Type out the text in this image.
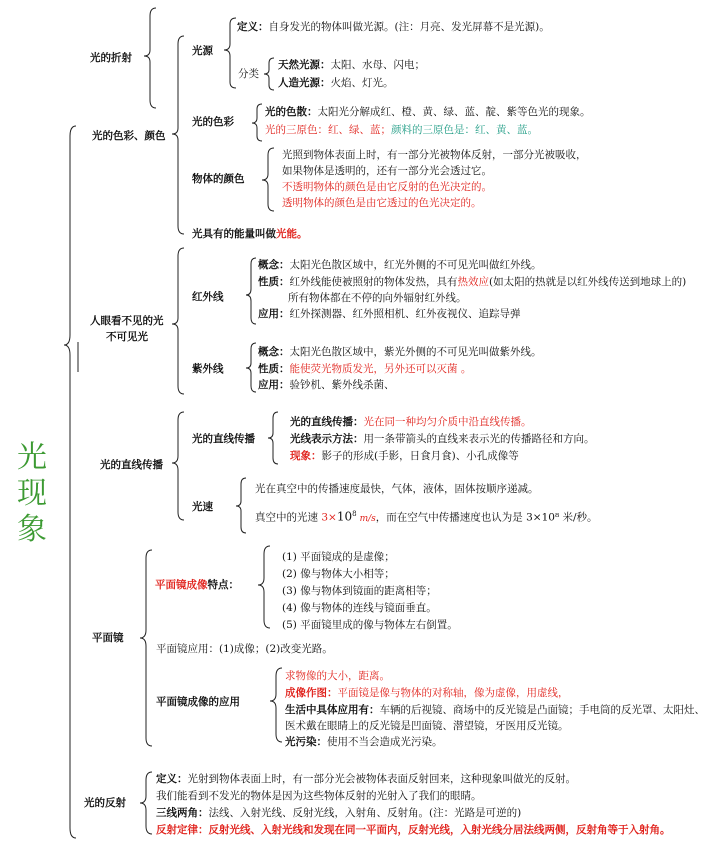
光
现
象
光的折射
光的色彩、颜色
光源
定义：自身发光的物体叫做光源。(注：月亮、发光屏幕不是光源)。
分类
天然光源：太阳、水母、闪电；
人造光源：火焰、灯光。
光的色彩
光的色散：太阳光分解成红、橙、黄、绿、蓝、靛、紫等色光的现象。
光的三原色：红、绿、蓝；颜料的三原色是：红、黄、蓝。
物体的颜色
光照到物体表面上时，有一部分光被物体反射，一部分光被吸收，
如果物体是透明的，还有一部分光会透过它。
不透明物体的颜色是由它反射的色光决定的。
透明物体的颜色是由它透过的色光决定的。
光具有的能量叫做光能。
人眼看不见的光
不可见光
红外线
概念：太阳光色散区域中，红光外侧的不可见光叫做红外线。
性质：红外线能使被照射的物体发热，具有热效应(如太阳的热就是以红外线传送到地球上的)
所有物体都在不停的向外辐射红外线。
应用：红外探测器、红外照相机、红外夜视仪、追踪导弹
紫外线
概念：太阳光色散区域中，紫光外侧的不可见光叫做紫外线。
性质：能使荧光物质发光，另外还可以灭菌 。
应用：验钞机、紫外线杀菌、
光的直线传播
光的直线传播
光的直线传播：光在同一种均匀介质中沿直线传播。
光线表示方法：用一条带箭头的直线来表示光的传播路径和方向。
现象：影子的形成(手影，日食月食)、小孔成像等
光速
光在真空中的传播速度最快，气体，液体，固体按顺序递减。
真空中的光速 $3\times 10^8$ m/s，而在空气中传播速度也认为是 3×10⁸ 米/秒。
平面镜
平面镜成像特点：
(1) 平面镜成的是虚像；
(2) 像与物体大小相等；
(3) 像与物体到镜面的距离相等；
(4) 像与物体的连线与镜面垂直。
(5) 平面镜里成的像与物体左右倒置。
平面镜应用：(1)成像；(2)改变光路。
平面镜成像的应用
求物像的大小，距离。
成像作图：平面镜是像与物体的对称轴，像为虚像，用虚线，
生活中具体应用有：车辆的后视镜、商场中的反光镜是凸面镜；手电筒的反光罩、太阳灶、
医术戴在眼睛上的反光镜是凹面镜、潜望镜，牙医用反光镜。
光污染：使用不当会造成光污染。
光的反射
定义：光射到物体表面上时，有一部分光会被物体表面反射回来，这种现象叫做光的反射。
我们能看到不发光的物体是因为这些物体反射的光射入了我们的眼睛。
三线两角：法线、入射光线、反射光线，入射角、反射角。(注：光路是可逆的)
反射定律：反射光线、入射光线和发现在同一平面内，反射光线，入射光线分居法线两侧，反射角等于入射角。
